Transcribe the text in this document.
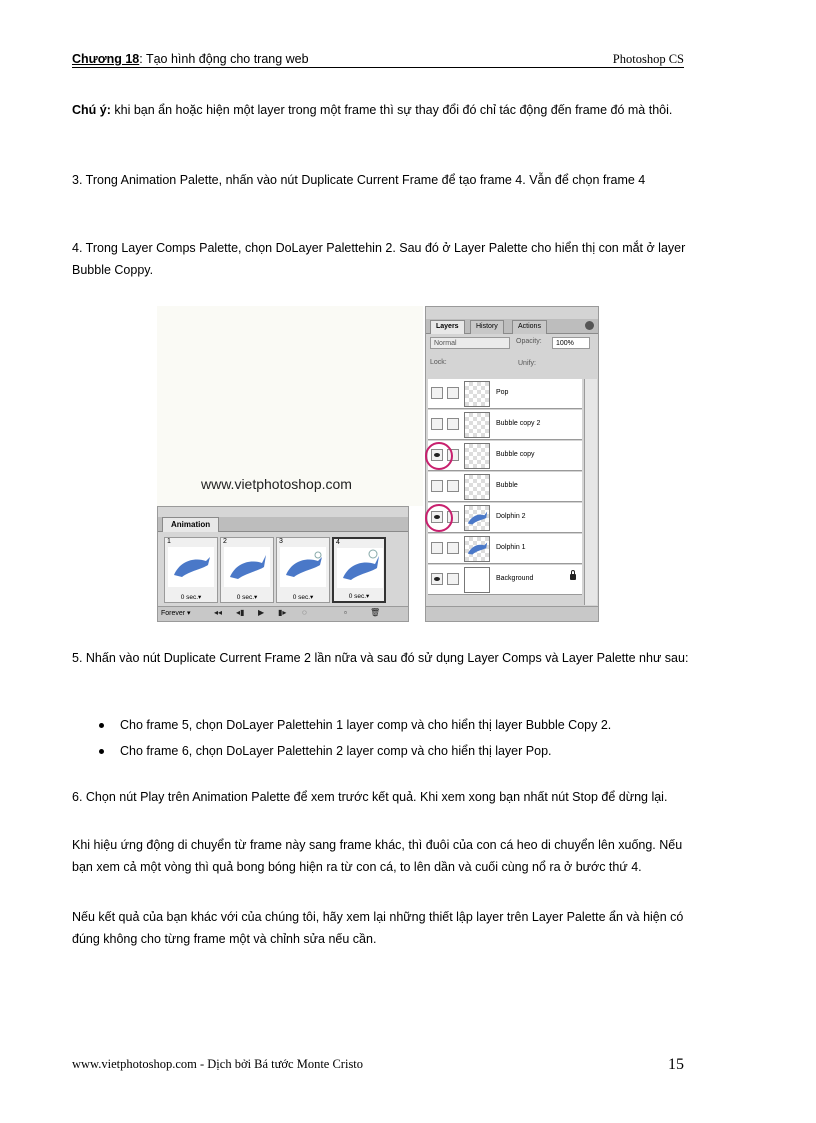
Chương 18: Tạo hình động cho trang web	Photoshop CS
Chú ý: khi bạn ẩn hoặc hiện một layer trong một frame thì sự thay đổi đó chỉ tác động đến frame đó mà thôi.
3. Trong Animation Palette, nhấn vào nút Duplicate Current Frame để tạo frame 4. Vẫn để chọn frame 4
4. Trong Layer Comps Palette, chọn DoLayer Palettehin 2. Sau đó ở Layer Palette cho hiển thị con mắt ở layer Bubble Coppy.
www.vietphotoshop.com
Animation
1
0 sec.▾
2
0 sec.▾
3
0 sec.▾
4
0 sec.▾
Forever ▾	◂◂ ◂▮ ▶ ▮▸ ◌	▫	🗑
Layers	History	Actions
Normal	Opacity:	100%
Lock:	Unify:
Pop
Bubble copy 2
Bubble copy
Bubble
Dolphin 2
Dolphin 1
Background
5. Nhấn vào nút Duplicate Current Frame 2 lần nữa và sau đó sử dụng Layer Comps và Layer Palette như sau:
Cho frame 5, chọn DoLayer Palettehin 1 layer comp và cho hiển thị layer Bubble Copy 2.
Cho frame 6, chọn DoLayer Palettehin 2 layer comp và cho hiển thị layer Pop.
6. Chọn nút Play trên Animation Palette để xem trước kết quả. Khi xem xong bạn nhất nút Stop để dừng lại.
Khi hiệu ứng động di chuyển từ frame này sang frame khác, thì đuôi của con cá heo di chuyển lên xuống. Nếu bạn xem cả một vòng thì quả bong bóng hiện ra từ con cá, to lên dần và cuối cùng nổ ra ở bước thứ 4.
Nếu kết quả của bạn khác với của chúng tôi, hãy xem lại những thiết lập layer trên Layer Palette ẩn và hiện có đúng không cho từng frame một và chỉnh sửa nếu cần.
www.vietphotoshop.com - Dịch bởi Bá tước Monte Cristo	15
